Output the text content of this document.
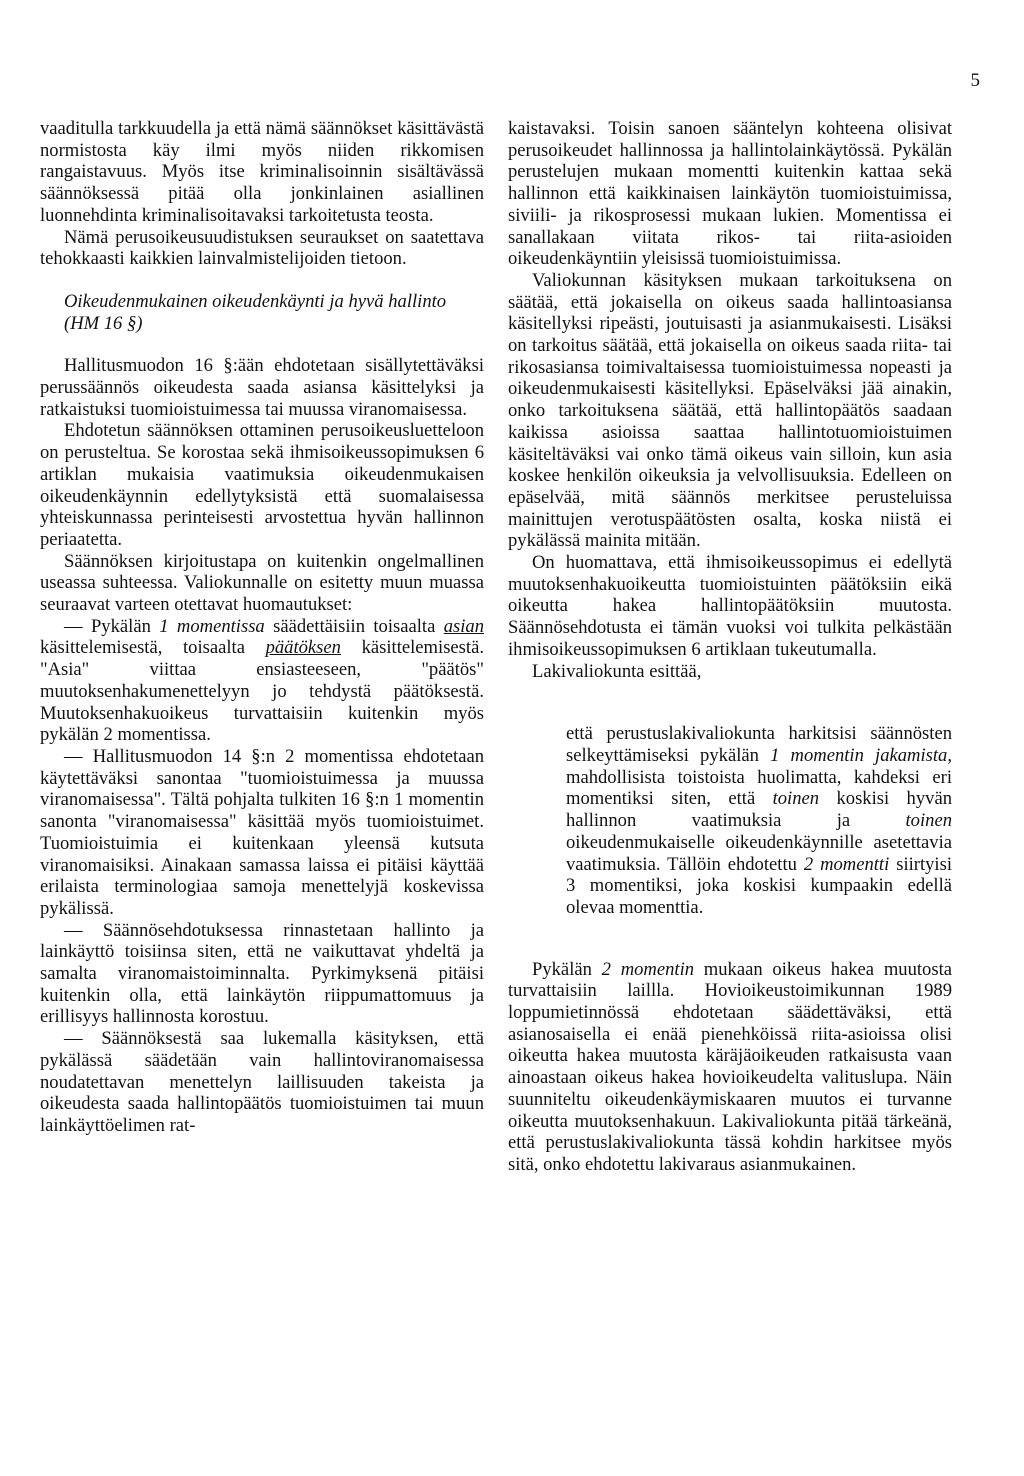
5

vaaditulla tarkkuudella ja että nämä säännökset käsittävästä normistosta käy ilmi myös niiden rikkomisen rangaistavuus. Myös itse kriminalisoinnin sisältävässä säännöksessä pitää olla jonkinlainen asiallinen luonnehdinta kriminalisoitavaksi tarkoitetusta teosta.

Nämä perusoikeusuudistuksen seuraukset on saatettava tehokkaasti kaikkien lainvalmistelijoiden tietoon.

Oikeudenmukainen oikeudenkäynti ja hyvä hallinto (HM 16 §)

Hallitusmuodon 16 §:ään ehdotetaan sisällytettäväksi perussäännös oikeudesta saada asiansa käsittelyksi ja ratkaistuksi tuomioistuimessa tai muussa viranomaisessa.

Ehdotetun säännöksen ottaminen perusoikeusluetteloon on perusteltua. Se korostaa sekä ihmisoikeussopimuksen 6 artiklan mukaisia vaatimuksia oikeudenmukaisen oikeudenkäynnin edellytyksistä että suomalaisessa yhteiskunnassa perinteisesti arvostettua hyvän hallinnon periaatetta.

Säännöksen kirjoitustapa on kuitenkin ongelmallinen useassa suhteessa. Valiokunnalle on esitetty muun muassa seuraavat varteen otettavat huomautukset:

— Pykälän 1 momentissa säädettäisiin toisaalta asian käsittelemisestä, toisaalta päätöksen käsittelemisestä. "Asia" viittaa ensiasteeseen, "päätös" muutoksenhakumenettelyyn jo tehdystä päätöksestä. Muutoksenhakuoikeus turvattaisiin kuitenkin myös pykälän 2 momentissa.

— Hallitusmuodon 14 §:n 2 momentissa ehdotetaan käytettäväksi sanontaa "tuomioistuimessa ja muussa viranomaisessa". Tältä pohjalta tulkiten 16 §:n 1 momentin sanonta "viranomaisessa" käsittää myös tuomioistuimet. Tuomioistuimia ei kuitenkaan yleensä kutsuta viranomaisiksi. Ainakaan samassa laissa ei pitäisi käyttää erilaista terminologiaa samoja menettelyjä koskevissa pykälissä.

— Säännösehdotuksessa rinnastetaan hallinto ja lainkäyttö toisiinsa siten, että ne vaikuttavat yhdeltä ja samalta viranomaistoiminnalta. Pyrkimyksenä pitäisi kuitenkin olla, että lainkäytön riippumattomuus ja erillisyys hallinnosta korostuu.

— Säännöksestä saa lukemalla käsityksen, että pykälässä säädetään vain hallintoviranomaisessa noudatettavan menettelyn laillisuuden takeista ja oikeudesta saada hallintopäätös tuomioistuimen tai muun lainkäyttöelimen rat-

kaistavaksi. Toisin sanoen sääntelyn kohteena olisivat perusoikeudet hallinnossa ja hallintolainkäytössä. Pykälän perustelujen mukaan momentti kuitenkin kattaa sekä hallinnon että kaikkinaisen lainkäytön tuomioistuimissa, siviili- ja rikosprosessi mukaan lukien. Momentissa ei sanallakaan viitata rikos- tai riita-asioiden oikeudenkäyntiin yleisissä tuomioistuimissa.

Valiokunnan käsityksen mukaan tarkoituksena on säätää, että jokaisella on oikeus saada hallintoasiansa käsitellyksi ripeästi, joutuisasti ja asianmukaisesti. Lisäksi on tarkoitus säätää, että jokaisella on oikeus saada riita- tai rikosasiansa toimivaltaisessa tuomioistuimessa nopeasti ja oikeudenmukaisesti käsitellyksi. Epäselväksi jää ainakin, onko tarkoituksena säätää, että hallintopäätös saadaan kaikissa asioissa saattaa hallintotuomioistuimen käsiteltäväksi vai onko tämä oikeus vain silloin, kun asia koskee henkilön oikeuksia ja velvollisuuksia. Edelleen on epäselvää, mitä säännös merkitsee perusteluissa mainittujen verotuspäätösten osalta, koska niistä ei pykälässä mainita mitään.

On huomattava, että ihmisoikeussopimus ei edellytä muutoksenhakuoikeutta tuomioistuinten päätöksiin eikä oikeutta hakea hallintopäätöksiin muutosta. Säännösehdotusta ei tämän vuoksi voi tulkita pelkästään ihmisoikeussopimuksen 6 artiklaan tukeutumalla.

Lakivaliokunta esittää,

että perustuslakivaliokunta harkitsisi säännösten selkeyttämiseksi pykälän 1 momentin jakamista, mahdollisista toistoista huolimatta, kahdeksi eri momentiksi siten, että toinen koskisi hyvän hallinnon vaatimuksia ja toinen oikeudenmukaiselle oikeudenkäynnille asetettavia vaatimuksia. Tällöin ehdotettu 2 momentti siirtyisi 3 momentiksi, joka koskisi kumpaakin edellä olevaa momenttia.

Pykälän 2 momentin mukaan oikeus hakea muutosta turvattaisiin laillla. Hovioikeustoimikunnan 1989 loppumietinnössä ehdotetaan säädettäväksi, että asianosaisella ei enää pienehköissä riita-asioissa olisi oikeutta hakea muutosta käräjäoikeuden ratkaisusta vaan ainoastaan oikeus hakea hovioikeudelta valituslupa. Näin suunniteltu oikeudenkäymiskaaren muutos ei turvanne oikeutta muutoksenhakuun. Lakivaliokunta pitää tärkeänä, että perustuslakivaliokunta tässä kohdin harkitsee myös sitä, onko ehdotettu lakivaraus asianmukainen.
